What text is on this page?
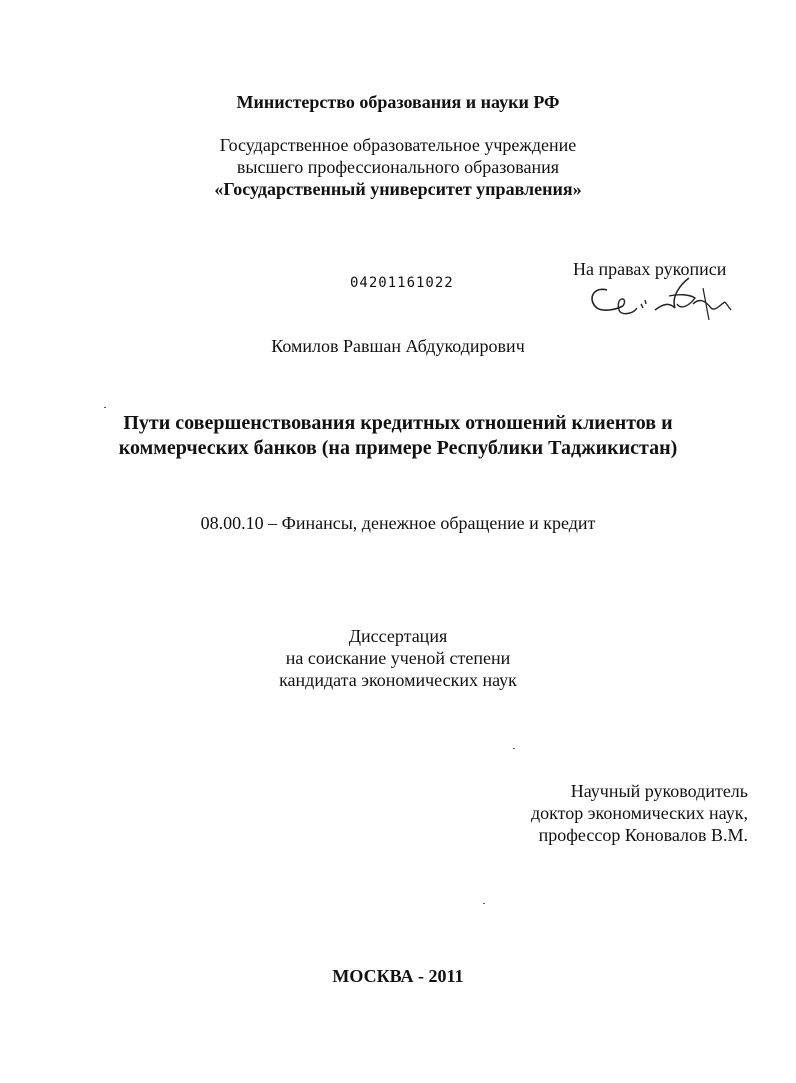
Министерство образования и науки РФ
Государственное образовательное учреждение
высшего профессионального образования
«Государственный университет управления»
04201161022
На правах рукописи
Комилов Равшан Абдукодирович
Пути совершенствования кредитных отношений клиентов и
коммерческих банков (на примере Республики Таджикистан)
08.00.10 – Финансы, денежное обращение и кредит
Диссертация
на соискание ученой степени
кандидата экономических наук
Научный руководитель
доктор экономических наук,
профессор Коновалов В.М.
МОСКВА - 2011
